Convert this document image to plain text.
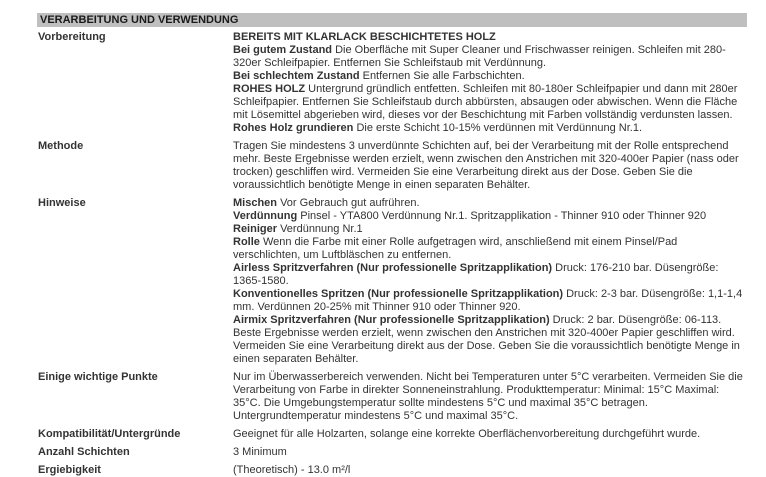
VERARBEITUNG UND VERWENDUNG
Vorbereitung	BEREITS MIT KLARLACK BESCHICHTETES HOLZ
Bei gutem Zustand Die Oberfläche mit Super Cleaner und Frischwasser reinigen. Schleifen mit 280-320er Schleifpapier. Entfernen Sie Schleifstaub mit Verdünnung.
Bei schlechtem Zustand Entfernen Sie alle Farbschichten.
ROHES HOLZ Untergrund gründlich entfetten. Schleifen mit 80-180er Schleifpapier und dann mit 280er Schleifpapier. Entfernen Sie Schleifstaub durch abbürsten, absaugen oder abwischen. Wenn die Fläche mit Lösemittel abgerieben wird, dieses vor der Beschichtung mit Farben vollständig verdunsten lassen.
Rohes Holz grundieren Die erste Schicht 10-15% verdünnen mit Verdünnung Nr.1.
Methode	Tragen Sie mindestens 3 unverdünnte Schichten auf, bei der Verarbeitung mit der Rolle entsprechend mehr. Beste Ergebnisse werden erzielt, wenn zwischen den Anstrichen mit 320-400er Papier (nass oder trocken) geschliffen wird. Vermeiden Sie eine Verarbeitung direkt aus der Dose. Geben Sie die voraussichtlich benötigte Menge in einen separaten Behälter.
Hinweise	Mischen Vor Gebrauch gut aufrühren.
Verdünnung Pinsel - YTA800 Verdünnung Nr.1. Spritzapplikation - Thinner 910 oder Thinner 920
Reiniger Verdünnung Nr.1
Rolle Wenn die Farbe mit einer Rolle aufgetragen wird, anschließend mit einem Pinsel/Pad verschlichten, um Luftbläschen zu entfernen.
Airless Spritzverfahren (Nur professionelle Spritzapplikation) Druck: 176-210 bar. Düsengröße: 1365-1580.
Konventionelles Spritzen (Nur professionelle Spritzapplikation) Druck: 2-3 bar. Düsengröße: 1,1-1,4 mm. Verdünnen 20-25% mit Thinner 910 oder Thinner 920.
Airmix Spritzverfahren (Nur professionelle Spritzapplikation) Druck: 2 bar. Düsengröße: 06-113.
Beste Ergebnisse werden erzielt, wenn zwischen den Anstrichen mit 320-400er Papier geschliffen wird. Vermeiden Sie eine Verarbeitung direkt aus der Dose. Geben Sie die voraussichtlich benötigte Menge in einen separaten Behälter.
Einige wichtige Punkte	Nur im Überwasserbereich verwenden. Nicht bei Temperaturen unter 5°C verarbeiten. Vermeiden Sie die Verarbeitung von Farbe in direkter Sonneneinstrahlung. Produkttemperatur: Minimal: 15°C Maximal: 35°C. Die Umgebungstemperatur sollte mindestens 5°C und maximal 35°C betragen. Untergrundtemperatur mindestens 5°C und maximal 35°C.
Kompatibilität/Untergründe	Geeignet für alle Holzarten, solange eine korrekte Oberflächenvorbereitung durchgeführt wurde.
Anzahl Schichten	3 Minimum
Ergiebigkeit	(Theoretisch) - 13.0 m²/l
